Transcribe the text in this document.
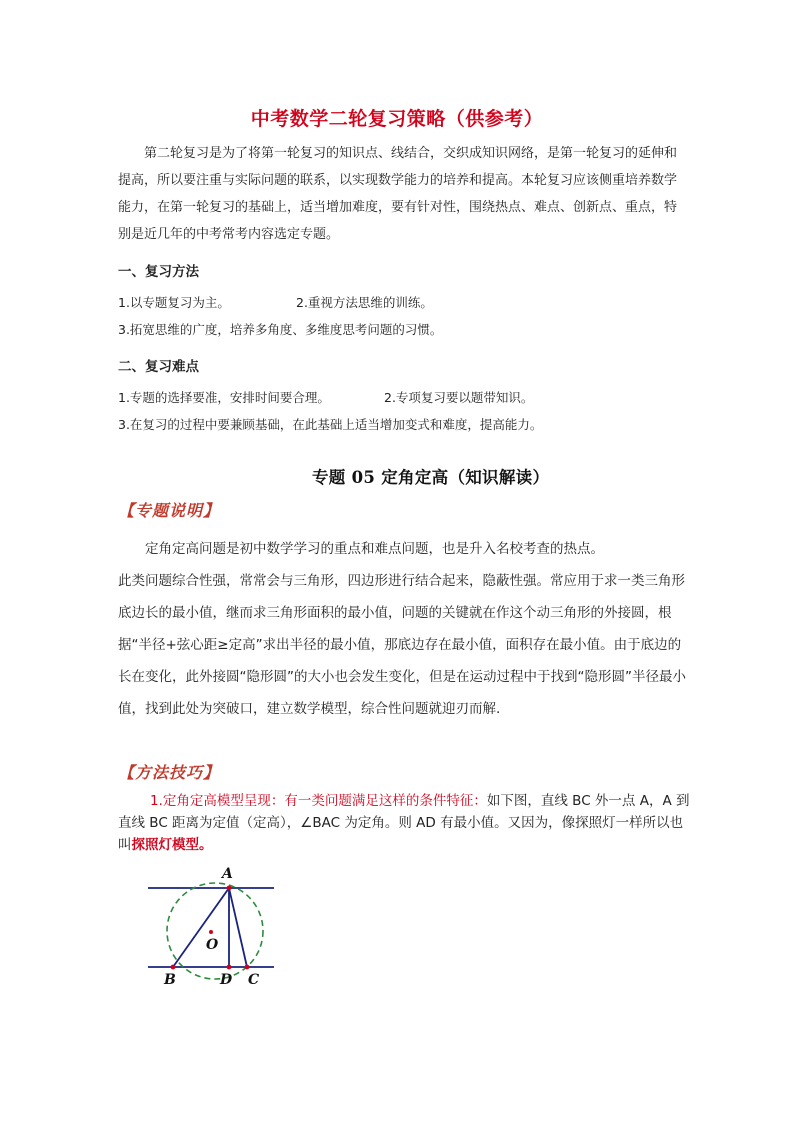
中考数学二轮复习策略（供参考）
第二轮复习是为了将第一轮复习的知识点、线结合，交织成知识网络，是第一轮复习的延伸和提高，所以要注重与实际问题的联系，以实现数学能力的培养和提高。本轮复习应该侧重培养数学能力，在第一轮复习的基础上，适当增加难度，要有针对性，围绕热点、难点、创新点、重点，特别是近几年的中考常考内容选定专题。
一、复习方法
1.以专题复习为主。	2.重视方法思维的训练。
3.拓宽思维的广度，培养多角度、多维度思考问题的习惯。
二、复习难点
1.专题的选择要准，安排时间要合理。	2.专项复习要以题带知识。
3.在复习的过程中要兼顾基础，在此基础上适当增加变式和难度，提高能力。
专题 05 定角定高（知识解读）
【专题说明】
定角定高问题是初中数学学习的重点和难点问题，也是升入名校考查的热点。
此类问题综合性强，常常会与三角形，四边形进行结合起来，隐蔽性强。常应用于求一类三角形底边长的最小值，继而求三角形面积的最小值，问题的关键就在作这个动三角形的外接圆，根据“半径+弦心距≥定高”求出半径的最小值，那底边存在最小值，面积存在最小值。由于底边的长在变化，此外接圆“隐形圆”的大小也会发生变化，但是在运动过程中于找到“隐形圆”半径最小值，找到此处为突破口，建立数学模型，综合性问题就迎刃而解.
【方法技巧】
1.定角定高模型呈现：有一类问题满足这样的条件特征：如下图，直线 BC 外一点 A，A 到直线 BC 距离为定值（定高），∠BAC 为定角。则 AD 有最小值。又因为，像探照灯一样所以也叫探照灯模型。
A
O
B	D C
